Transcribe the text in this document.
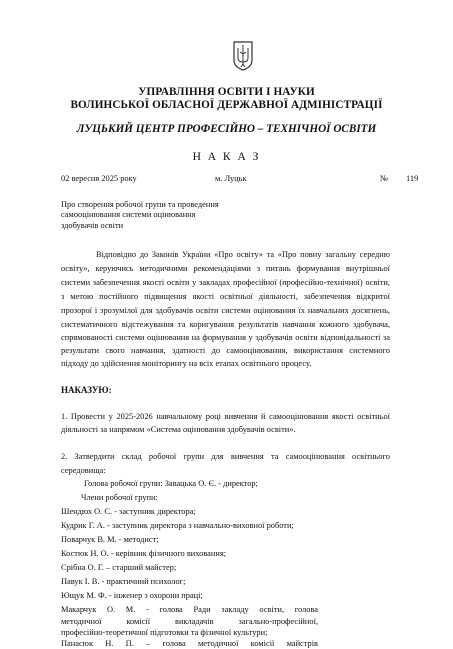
УПРАВЛІННЯ ОСВІТИ І НАУКИ
ВОЛИНСЬКОЇ ОБЛАСНОЇ ДЕРЖАВНОЇ АДМІНІСТРАЦІЇ
ЛУЦЬКИЙ ЦЕНТР ПРОФЕСІЙНО – ТЕХНІЧНОЇ ОСВІТИ
Н А К А З
02 вересня 2025 року	м. Луцьк	№ 119
Про створення робочої групи та проведення
самооцінювання системи оцінювання
здобувачів освіти
Відповідно до Законів України «Про освіту» та «Про повну загальну середню
освіту», керуючись методичними рекомендаціями з питань формування внутрішньої
системи забезпечення якості освіти у закладах професійної (професійно-технічної) освіти,
з метою постійного підвищення якості освітньої діяльності, забезпечення відкритої
прозорої і зрозумілої для здобувачів освіти системи оцінювання їх навчальних досягнень,
систематичного відстежування та коригування результатів навчання кожного здобувача,
спрямованості системи оцінювання на формування у здобувачів освіти відповідальності за
результати свого навчання, здатності до самооцінювання, використання системного
підходу до здійснення моніторингу на всіх етапах освітнього процесу,
НАКАЗУЮ:
1. Провести у 2025-2026 навчальному році вивчення й самооцінювання якості освітньої
діяльності за напрямом «Система оцінювання здобувачів освіти».
2. Затвердити склад робочої групи для вивчення та самооцінювання освітнього
середовища:
Голова робочої групи: Завацька О. Є. - директор;
Члени робочої групи:
Шендюх О. С. - заступник директора;
Кудрик Г. А. - заступник директора з навчально-виховної роботи;
Поварчук В. М. - методист;
Костюк Н. О. - керівник фізичного виховання;
Срібна О. Г. – старший майстер;
Павук І. В. - практичний психолог;
Ющук М. Ф. - інженер з охорони праці;
Макарчук О. М. - голова Ради закладу освіти, голова
методичної комісії викладачів загально-професійної,
професійно-теоретичної підготовки та фізичної культури;
Панасюк Н. П. – голова методичної комісії майстрів
